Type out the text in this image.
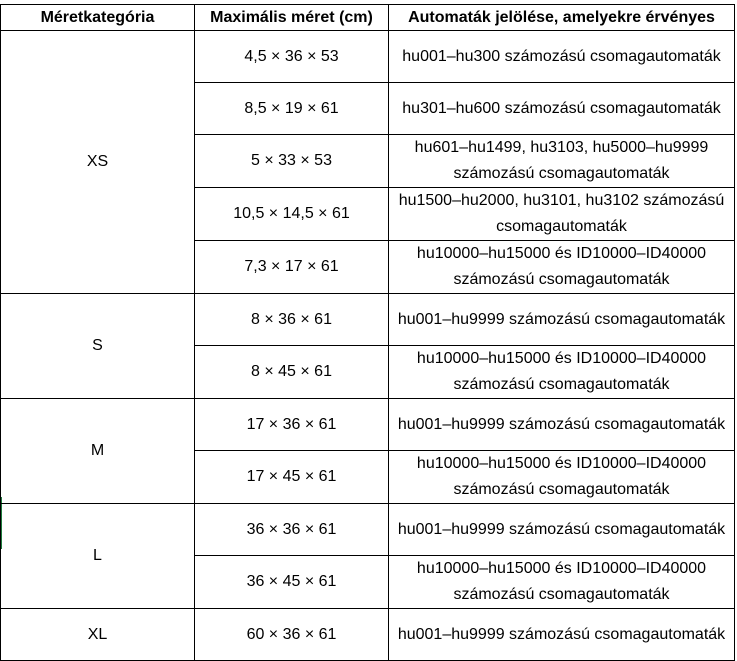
Méretkategória	Maximális méret (cm)	Automaták jelölése, amelyekre érvényes
XS	4,5 × 36 × 53	hu001–hu300 számozású csomagautomaták
	8,5 × 19 × 61	hu301–hu600 számozású csomagautomaták
	5 × 33 × 53	hu601–hu1499, hu3103, hu5000–hu9999 számozású csomagautomaták
	10,5 × 14,5 × 61	hu1500–hu2000, hu3101, hu3102 számozású csomagautomaták
	7,3 × 17 × 61	hu10000–hu15000 és ID10000–ID40000 számozású csomagautomaták
S	8 × 36 × 61	hu001–hu9999 számozású csomagautomaták
	8 × 45 × 61	hu10000–hu15000 és ID10000–ID40000 számozású csomagautomaták
M	17 × 36 × 61	hu001–hu9999 számozású csomagautomaták
	17 × 45 × 61	hu10000–hu15000 és ID10000–ID40000 számozású csomagautomaták
L	36 × 36 × 61	hu001–hu9999 számozású csomagautomaták
	36 × 45 × 61	hu10000–hu15000 és ID10000–ID40000 számozású csomagautomaták
XL	60 × 36 × 61	hu001–hu9999 számozású csomagautomaták
